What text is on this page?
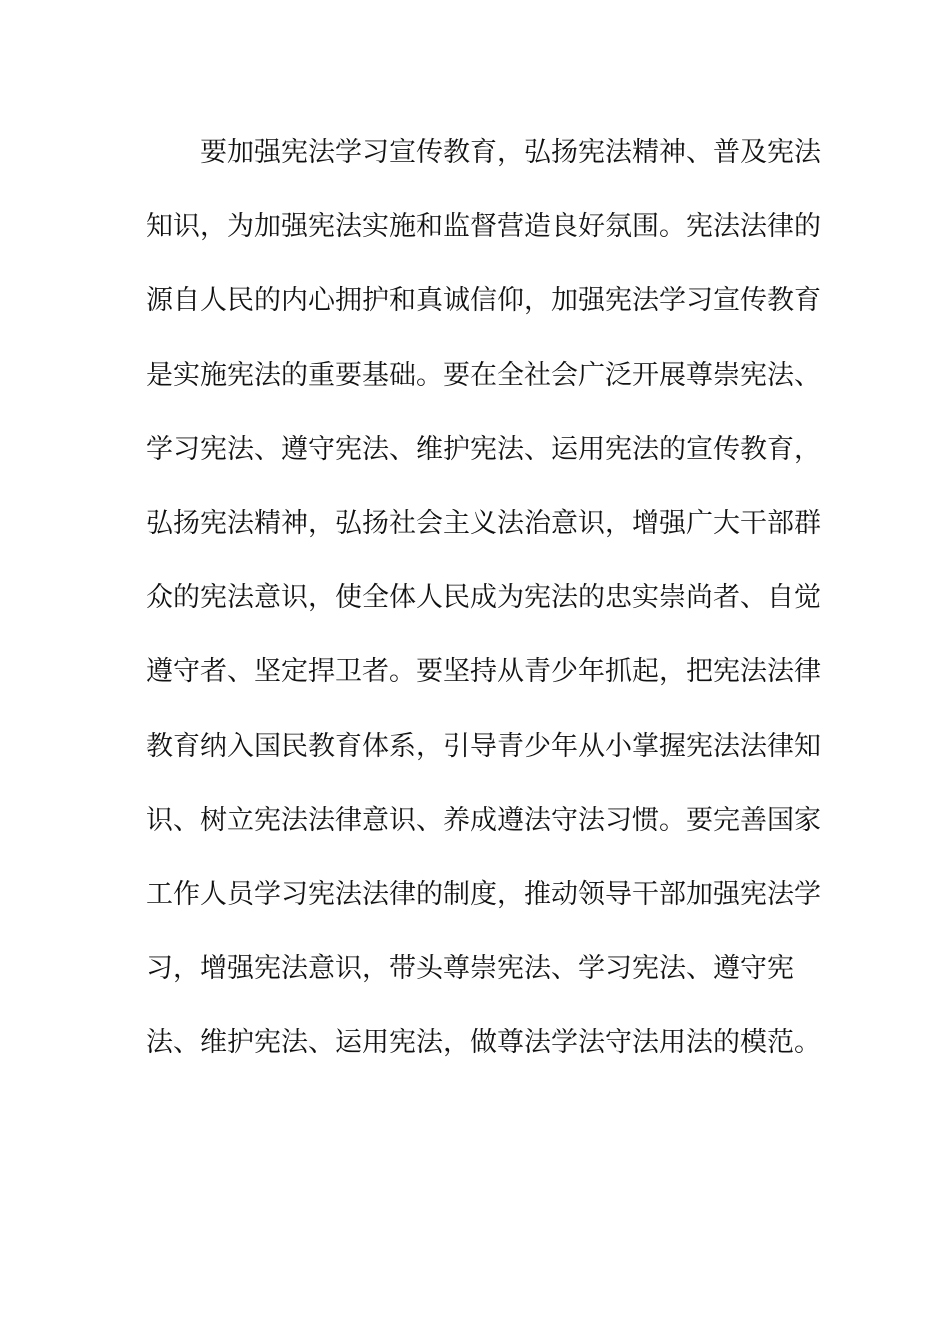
要加强宪法学习宣传教育，弘扬宪法精神、普及宪法
知识，为加强宪法实施和监督营造良好氛围。宪法法律的
源自人民的内心拥护和真诚信仰，加强宪法学习宣传教育
是实施宪法的重要基础。要在全社会广泛开展尊崇宪法、
学习宪法、遵守宪法、维护宪法、运用宪法的宣传教育，
弘扬宪法精神，弘扬社会主义法治意识，增强广大干部群
众的宪法意识，使全体人民成为宪法的忠实崇尚者、自觉
遵守者、坚定捍卫者。要坚持从青少年抓起，把宪法法律
教育纳入国民教育体系，引导青少年从小掌握宪法法律知
识、树立宪法法律意识、养成遵法守法习惯。要完善国家
工作人员学习宪法法律的制度，推动领导干部加强宪法学
习，增强宪法意识，带头尊崇宪法、学习宪法、遵守宪
法、维护宪法、运用宪法，做尊法学法守法用法的模范。
